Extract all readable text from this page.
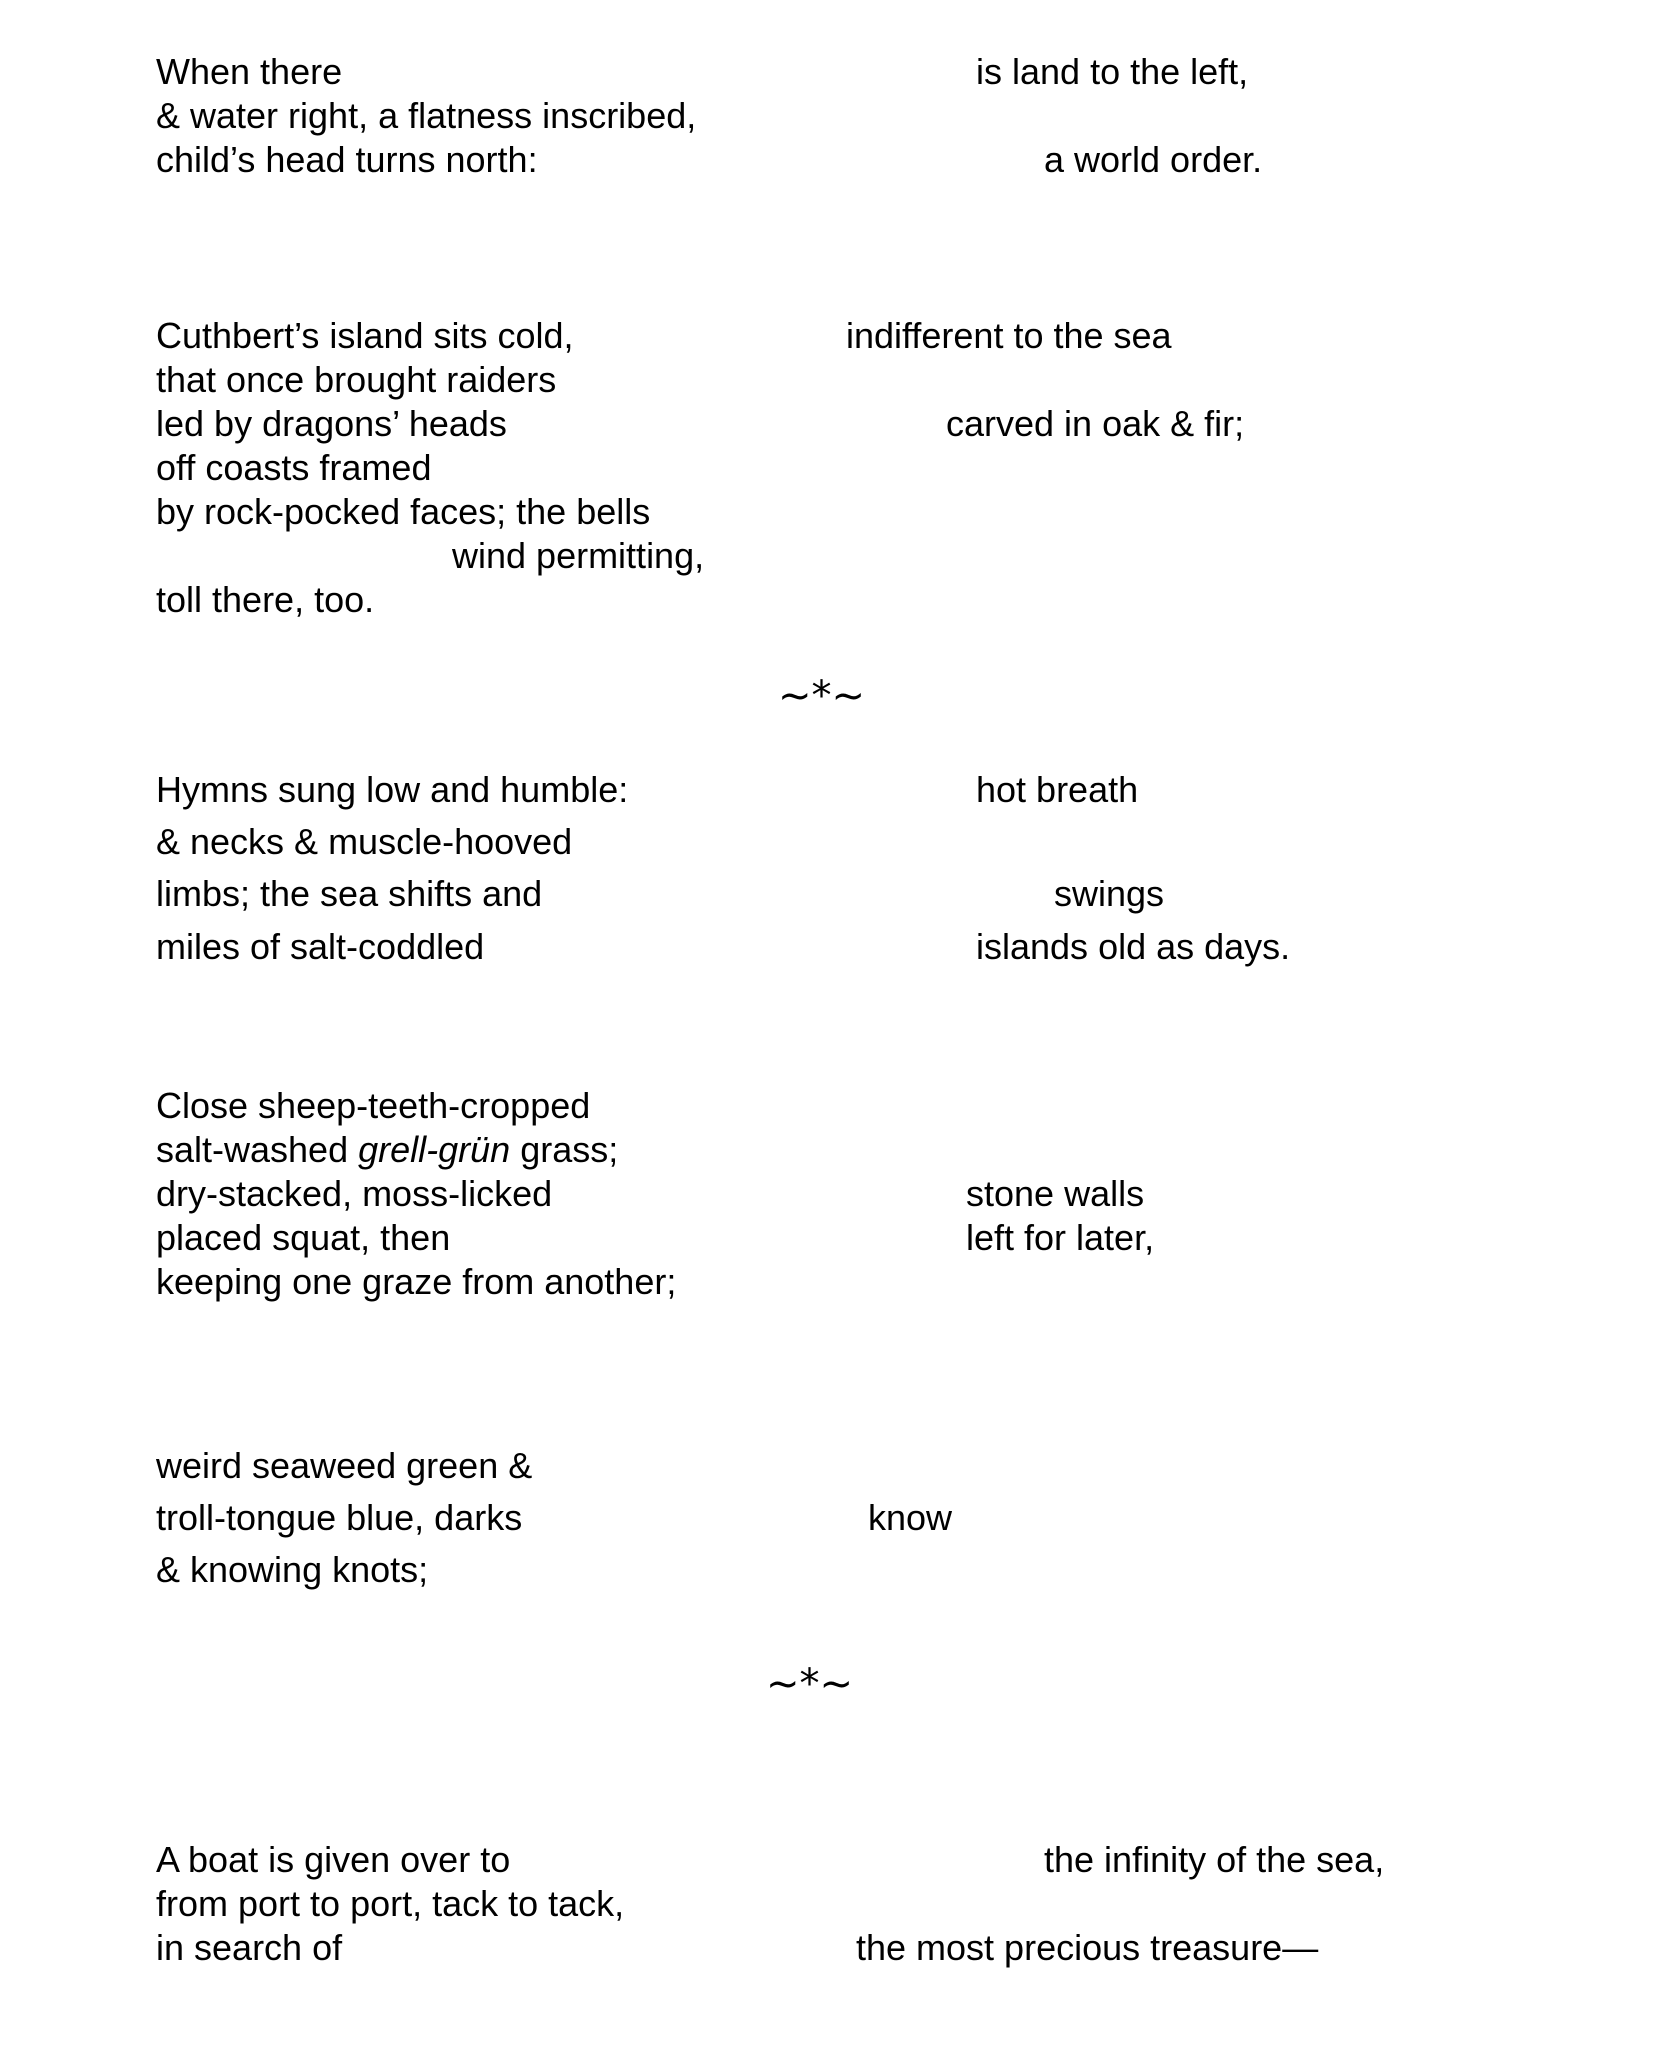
When there	is land to the left,
& water right, a flatness inscribed,
child’s head turns north:	a world order.
Cuthbert’s island sits cold,	indifferent to the sea
that once brought raiders
led by dragons’ heads	carved in oak & fir;
off coasts framed
by rock-pocked faces; the bells
wind permitting,
toll there, too.
~*~
Hymns sung low and humble:	hot breath
& necks & muscle-hooved
limbs; the sea shifts and	swings
miles of salt-coddled	islands old as days.
Close sheep-teeth-cropped
salt-washed grell-grün grass;
dry-stacked, moss-licked	stone walls
placed squat, then	left for later,
keeping one graze from another;
weird seaweed green &
troll-tongue blue, darks	know
& knowing knots;
~*~
A boat is given over to	the infinity of the sea,
from port to port, tack to tack,
in search of	the most precious treasure—
